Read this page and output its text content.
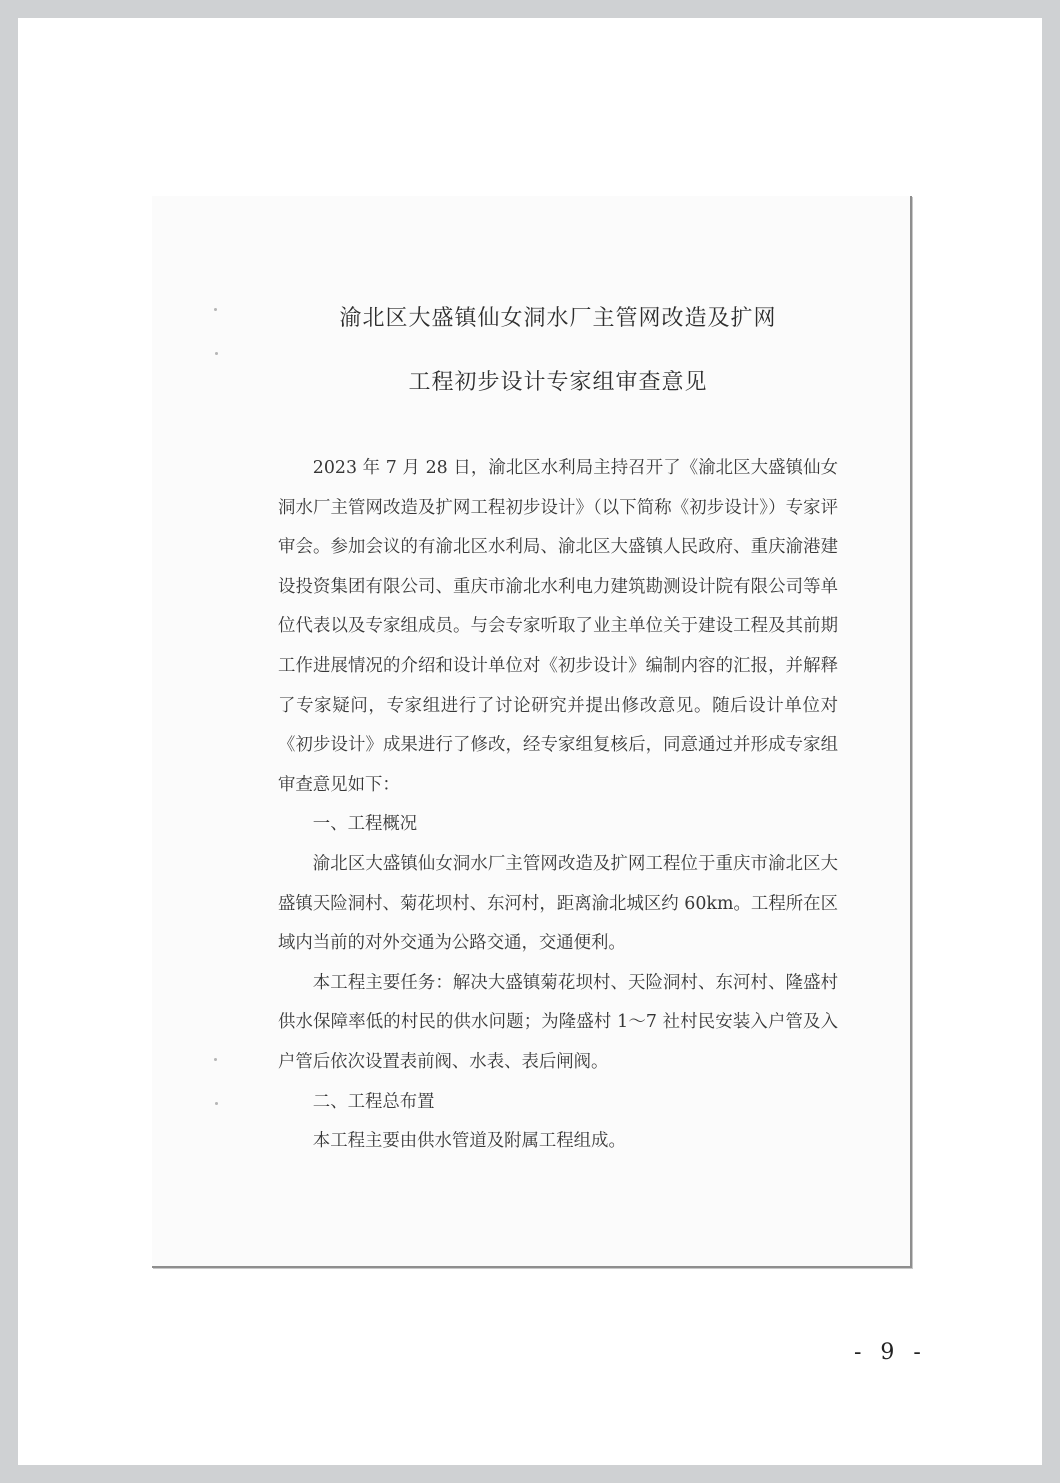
渝北区大盛镇仙女洞水厂主管网改造及扩网
工程初步设计专家组审查意见

2023 年 7 月 28 日，渝北区水利局主持召开了《渝北区大盛镇仙女洞水厂主管网改造及扩网工程初步设计》（以下简称《初步设计》）专家评审会。参加会议的有渝北区水利局、渝北区大盛镇人民政府、重庆渝港建设投资集团有限公司、重庆市渝北水利电力建筑勘测设计院有限公司等单位代表以及专家组成员。与会专家听取了业主单位关于建设工程及其前期工作进展情况的介绍和设计单位对《初步设计》编制内容的汇报，并解释了专家疑问，专家组进行了讨论研究并提出修改意见。随后设计单位对《初步设计》成果进行了修改，经专家组复核后，同意通过并形成专家组审查意见如下：

一、工程概况

渝北区大盛镇仙女洞水厂主管网改造及扩网工程位于重庆市渝北区大盛镇天险洞村、菊花坝村、东河村，距离渝北城区约 60km。工程所在区域内当前的对外交通为公路交通，交通便利。

本工程主要任务：解决大盛镇菊花坝村、天险洞村、东河村、隆盛村供水保障率低的村民的供水问题；为隆盛村 1～7 社村民安装入户管及入户管后依次设置表前阀、水表、表后闸阀。

二、工程总布置

本工程主要由供水管道及附属工程组成。

- 9 -
